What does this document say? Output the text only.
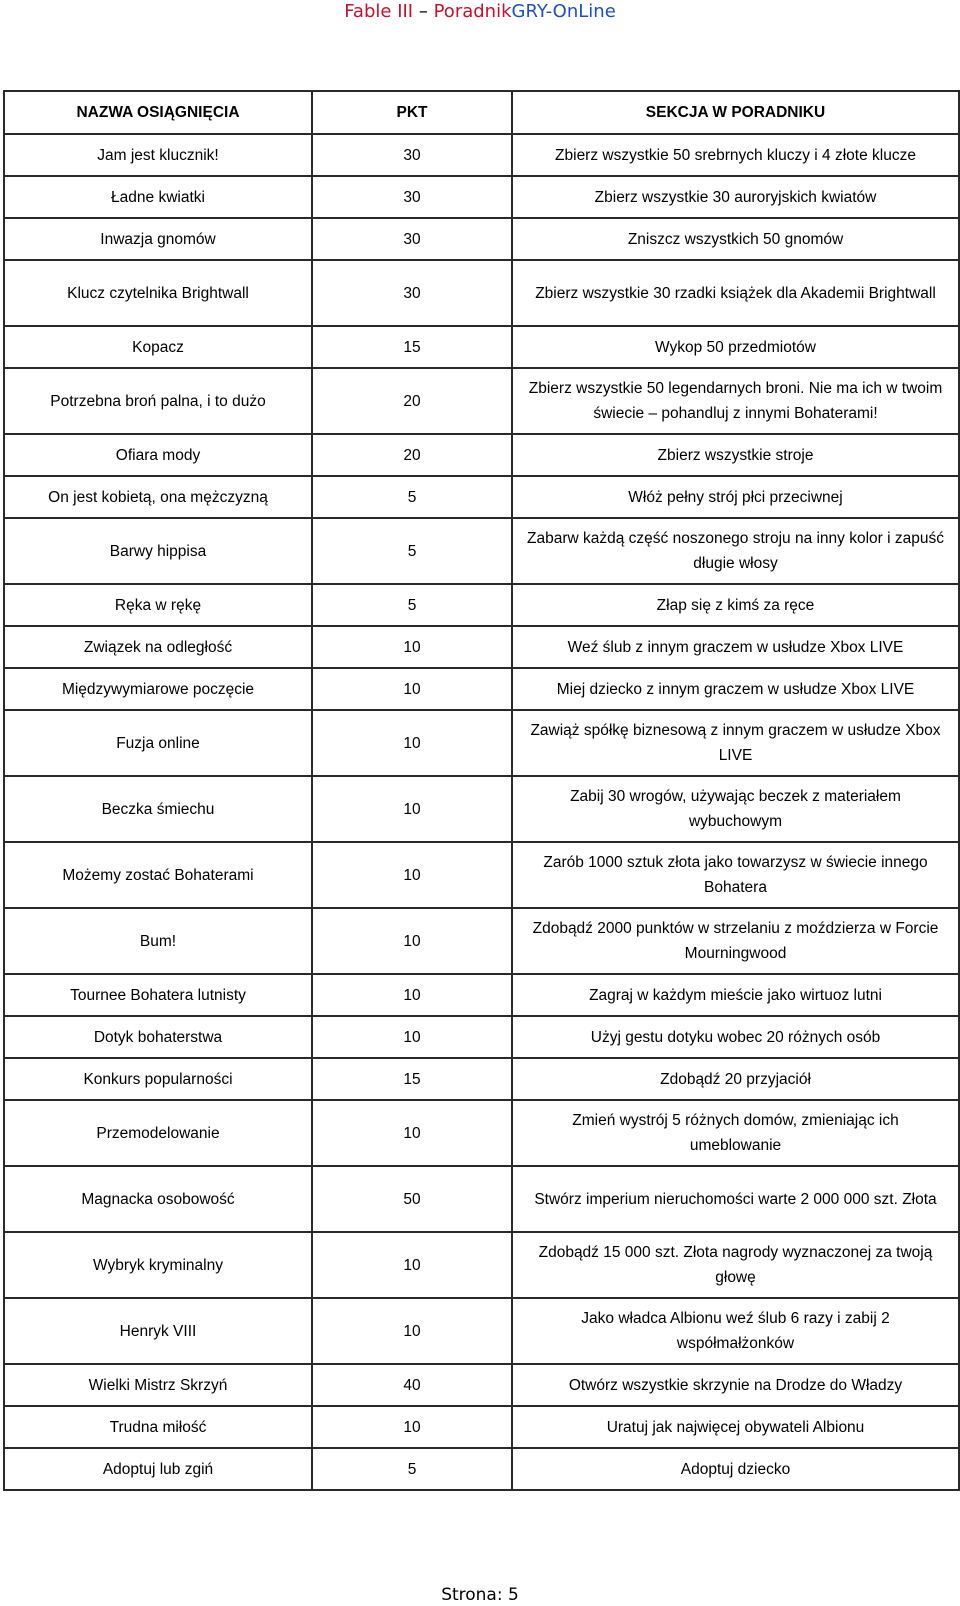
Fable III – PoradnikGRY-OnLine
NAZWA OSIĄGNIĘCIA	PKT	SEKCJA W PORADNIKU
Jam jest klucznik!	30	Zbierz wszystkie 50 srebrnych kluczy i 4 złote klucze
Ładne kwiatki	30	Zbierz wszystkie 30 auroryjskich kwiatów
Inwazja gnomów	30	Zniszcz wszystkich 50 gnomów
Klucz czytelnika Brightwall	30	Zbierz wszystkie 30 rzadki książek dla Akademii Brightwall
Kopacz	15	Wykop 50 przedmiotów
Potrzebna broń palna, i to dużo	20	Zbierz wszystkie 50 legendarnych broni. Nie ma ich w twoim świecie – pohandluj z innymi Bohaterami!
Ofiara mody	20	Zbierz wszystkie stroje
On jest kobietą, ona mężczyzną	5	Włóż pełny strój płci przeciwnej
Barwy hippisa	5	Zabarw każdą część noszonego stroju na inny kolor i zapuść długie włosy
Ręka w rękę	5	Złap się z kimś za ręce
Związek na odległość	10	Weź ślub z innym graczem w usłudze Xbox LIVE
Międzywymiarowe poczęcie	10	Miej dziecko z innym graczem w usłudze Xbox LIVE
Fuzja online	10	Zawiąż spółkę biznesową z innym graczem w usłudze Xbox LIVE
Beczka śmiechu	10	Zabij 30 wrogów, używając beczek z materiałem wybuchowym
Możemy zostać Bohaterami	10	Zarób 1000 sztuk złota jako towarzysz w świecie innego Bohatera
Bum!	10	Zdobądź 2000 punktów w strzelaniu z moździerza w Forcie Mourningwood
Tournee Bohatera lutnisty	10	Zagraj w każdym mieście jako wirtuoz lutni
Dotyk bohaterstwa	10	Użyj gestu dotyku wobec 20 różnych osób
Konkurs popularności	15	Zdobądź 20 przyjaciół
Przemodelowanie	10	Zmień wystrój 5 różnych domów, zmieniając ich umeblowanie
Magnacka osobowość	50	Stwórz imperium nieruchomości warte 2 000 000 szt. Złota
Wybryk kryminalny	10	Zdobądź 15 000 szt. Złota nagrody wyznaczonej za twoją głowę
Henryk VIII	10	Jako władca Albionu weź ślub 6 razy i zabij 2 współmałżonków
Wielki Mistrz Skrzyń	40	Otwórz wszystkie skrzynie na Drodze do Władzy
Trudna miłość	10	Uratuj jak najwięcej obywateli Albionu
Adoptuj lub zgiń	5	Adoptuj dziecko
Strona: 5
